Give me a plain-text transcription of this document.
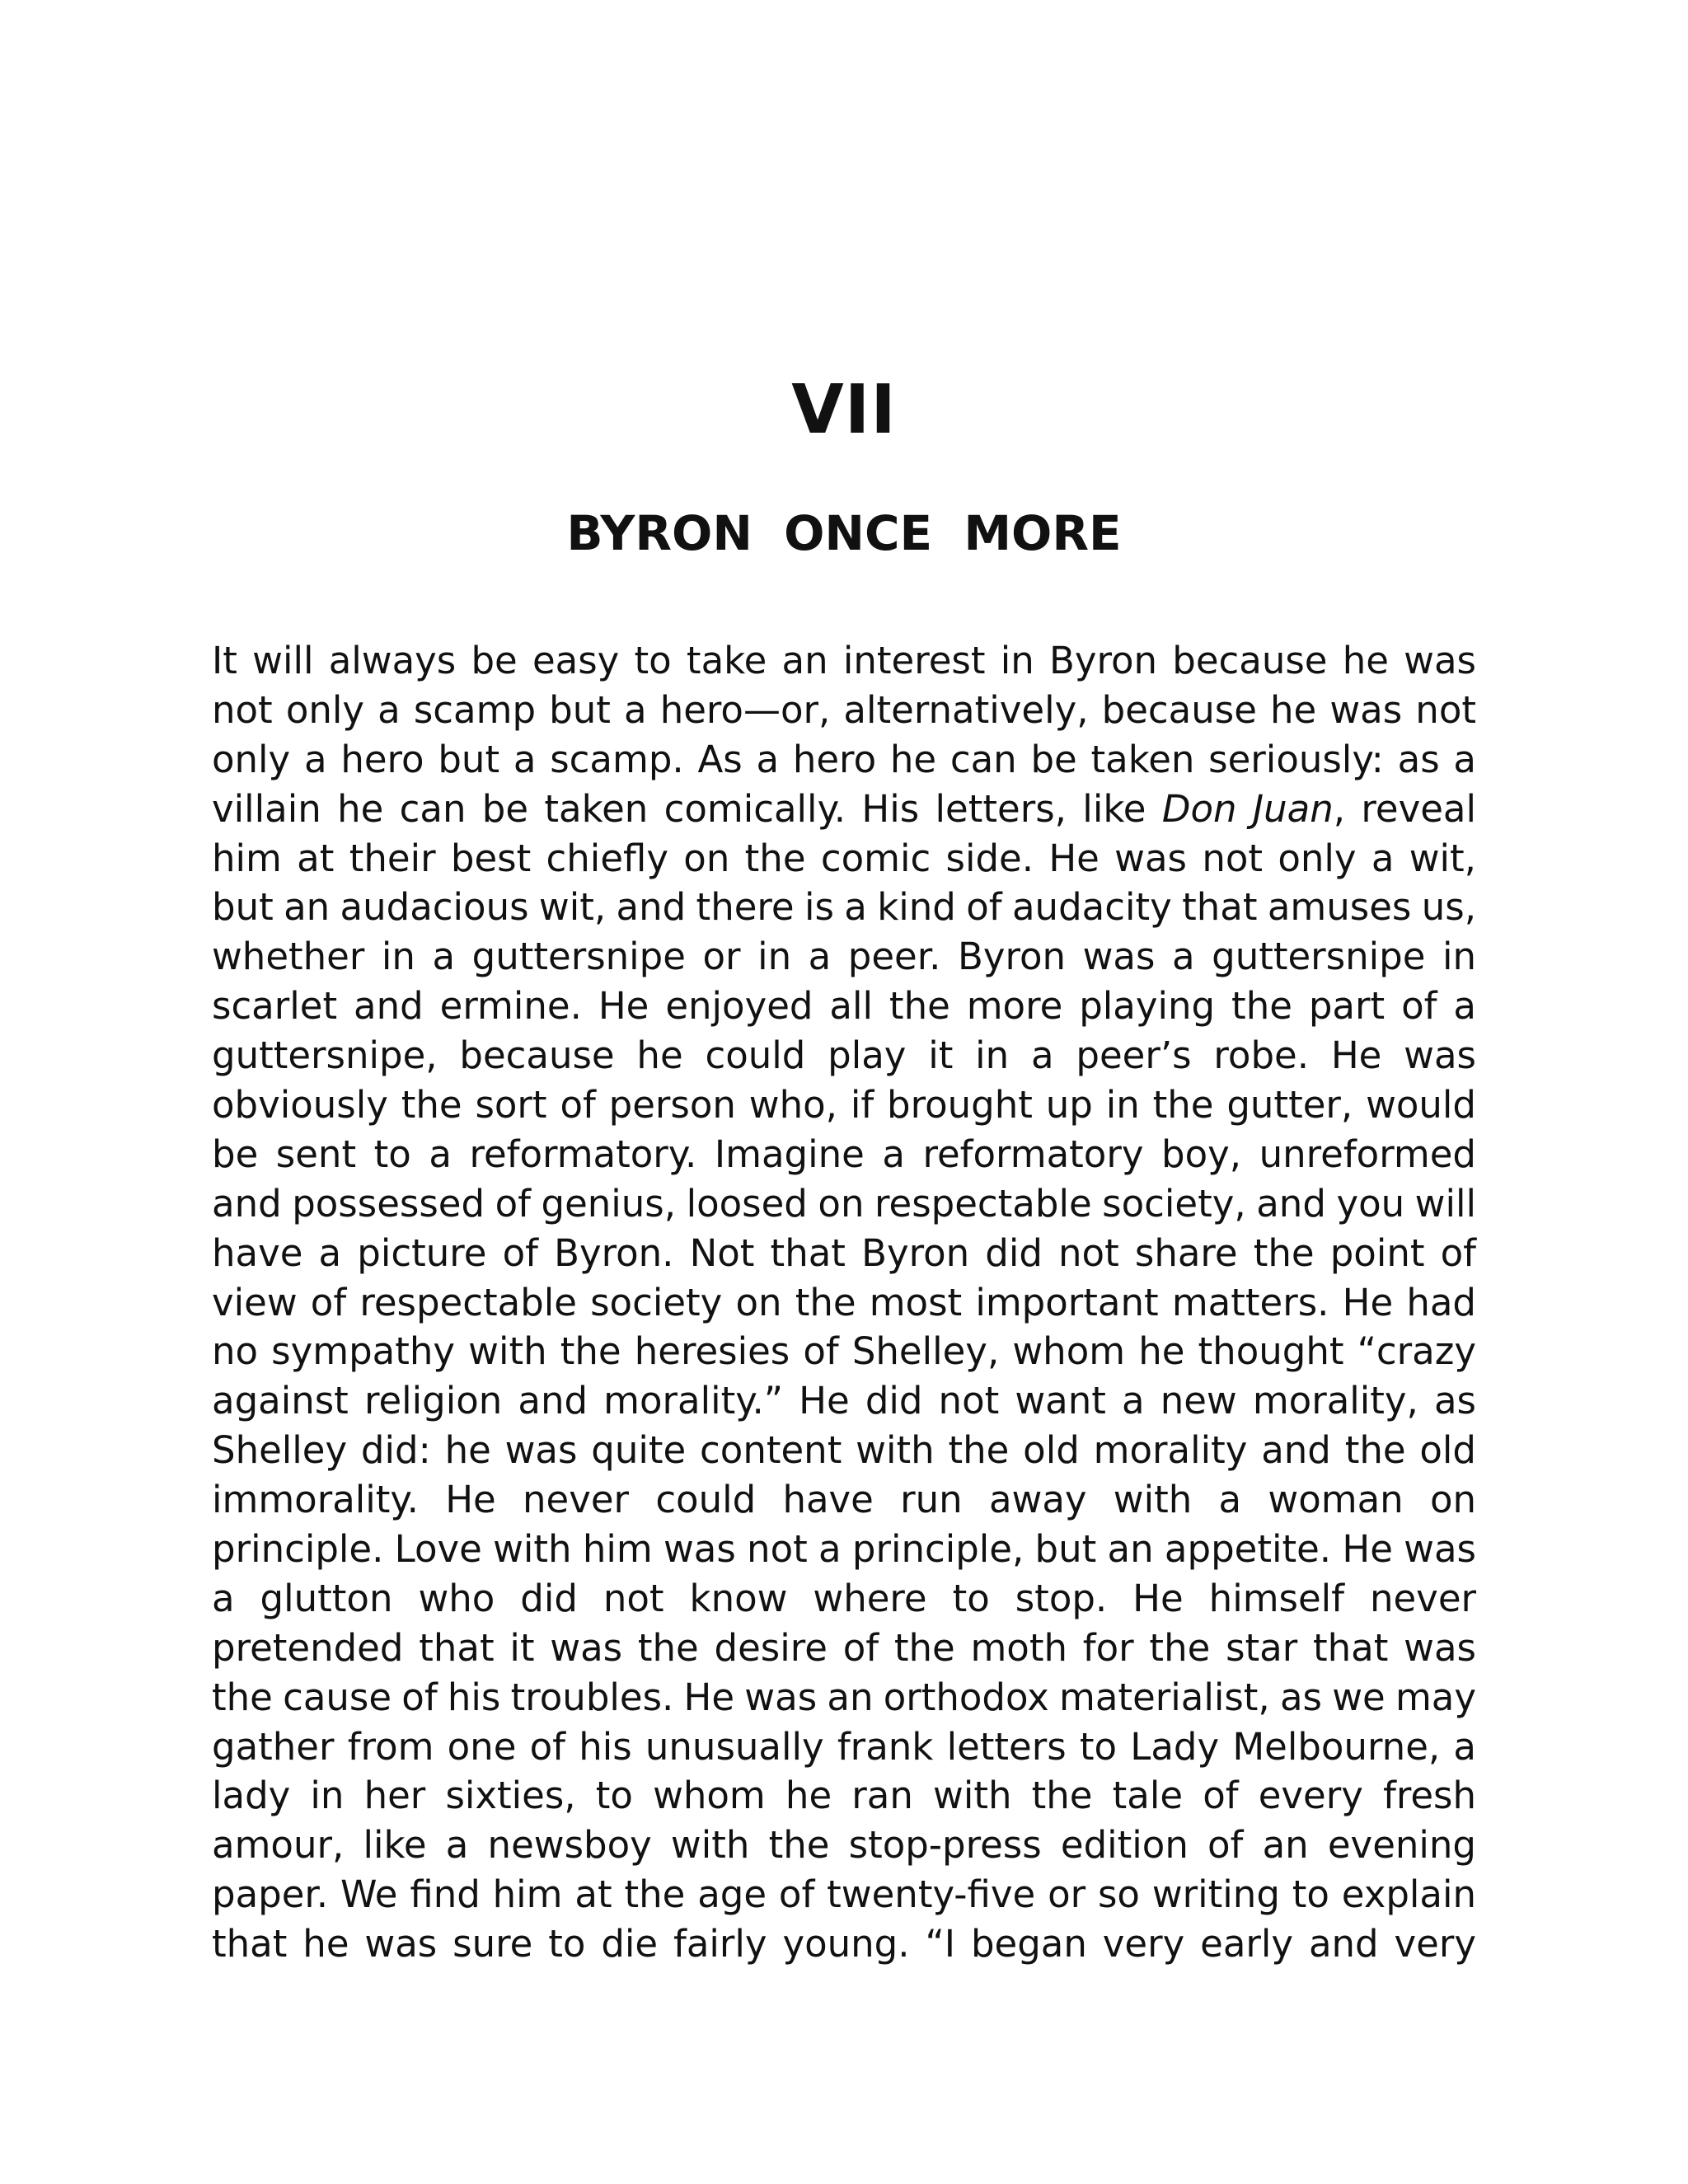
VII
BYRON ONCE MORE
It will always be easy to take an interest in Byron because he was
not only a scamp but a hero—or, alternatively, because he was not
only a hero but a scamp. As a hero he can be taken seriously: as a
villain he can be taken comically. His letters, like Don Juan, reveal
him at their best chiefly on the comic side. He was not only a wit,
but an audacious wit, and there is a kind of audacity that amuses us,
whether in a guttersnipe or in a peer. Byron was a guttersnipe in
scarlet and ermine. He enjoyed all the more playing the part of a
guttersnipe, because he could play it in a peer’s robe. He was
obviously the sort of person who, if brought up in the gutter, would
be sent to a reformatory. Imagine a reformatory boy, unreformed
and possessed of genius, loosed on respectable society, and you will
have a picture of Byron. Not that Byron did not share the point of
view of respectable society on the most important matters. He had
no sympathy with the heresies of Shelley, whom he thought “crazy
against religion and morality.” He did not want a new morality, as
Shelley did: he was quite content with the old morality and the old
immorality. He never could have run away with a woman on
principle. Love with him was not a principle, but an appetite. He was
a glutton who did not know where to stop. He himself never
pretended that it was the desire of the moth for the star that was
the cause of his troubles. He was an orthodox materialist, as we may
gather from one of his unusually frank letters to Lady Melbourne, a
lady in her sixties, to whom he ran with the tale of every fresh
amour, like a newsboy with the stop-press edition of an evening
paper. We find him at the age of twenty-five or so writing to explain
that he was sure to die fairly young. “I began very early and very
